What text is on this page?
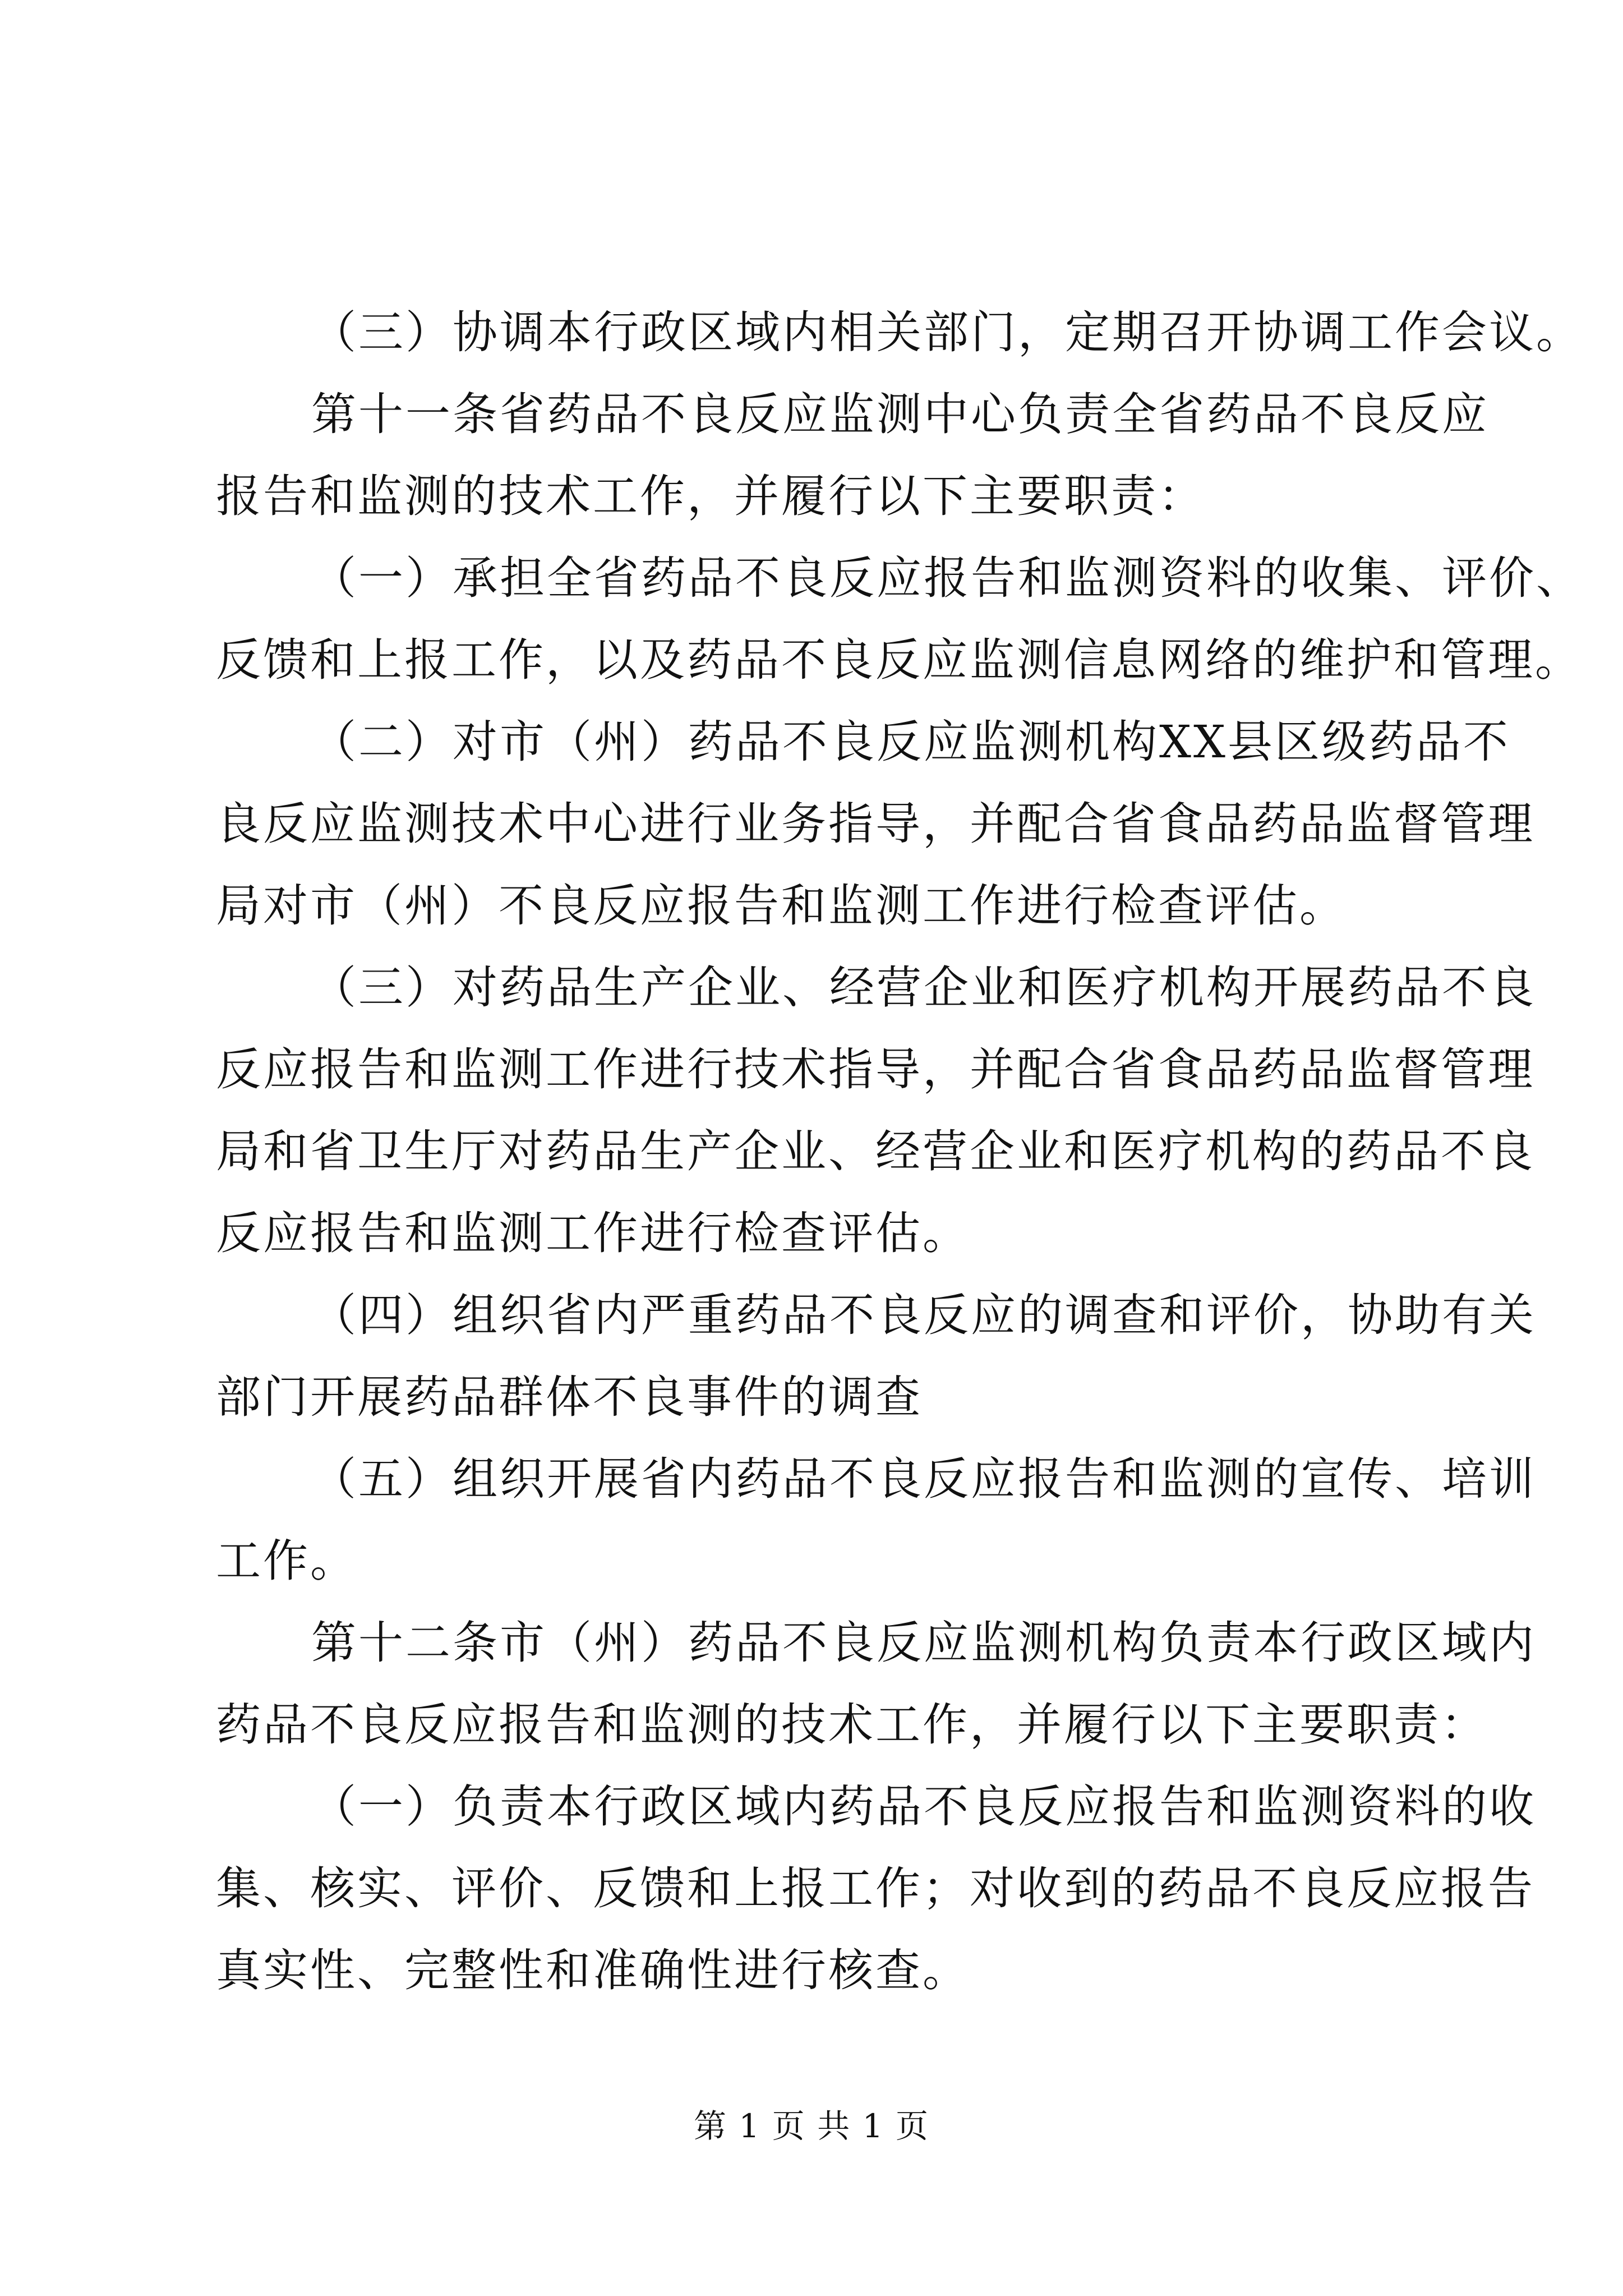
（三）协调本行政区域内相关部门，定期召开协调工作会议。
第十一条省药品不良反应监测中心负责全省药品不良反应
报告和监测的技术工作，并履行以下主要职责：
（一）承担全省药品不良反应报告和监测资料的收集、评价、
反馈和上报工作，以及药品不良反应监测信息网络的维护和管理。
（二）对市（州）药品不良反应监测机构XX县区级药品不
良反应监测技术中心进行业务指导，并配合省食品药品监督管理
局对市（州）不良反应报告和监测工作进行检查评估。
（三）对药品生产企业、经营企业和医疗机构开展药品不良
反应报告和监测工作进行技术指导，并配合省食品药品监督管理
局和省卫生厅对药品生产企业、经营企业和医疗机构的药品不良
反应报告和监测工作进行检查评估。
（四）组织省内严重药品不良反应的调查和评价，协助有关
部门开展药品群体不良事件的调查
（五）组织开展省内药品不良反应报告和监测的宣传、培训
工作。
第十二条市（州）药品不良反应监测机构负责本行政区域内
药品不良反应报告和监测的技术工作，并履行以下主要职责：
（一）负责本行政区域内药品不良反应报告和监测资料的收
集、核实、评价、反馈和上报工作；对收到的药品不良反应报告
真实性、完整性和准确性进行核查。
第 1 页 共 1 页
